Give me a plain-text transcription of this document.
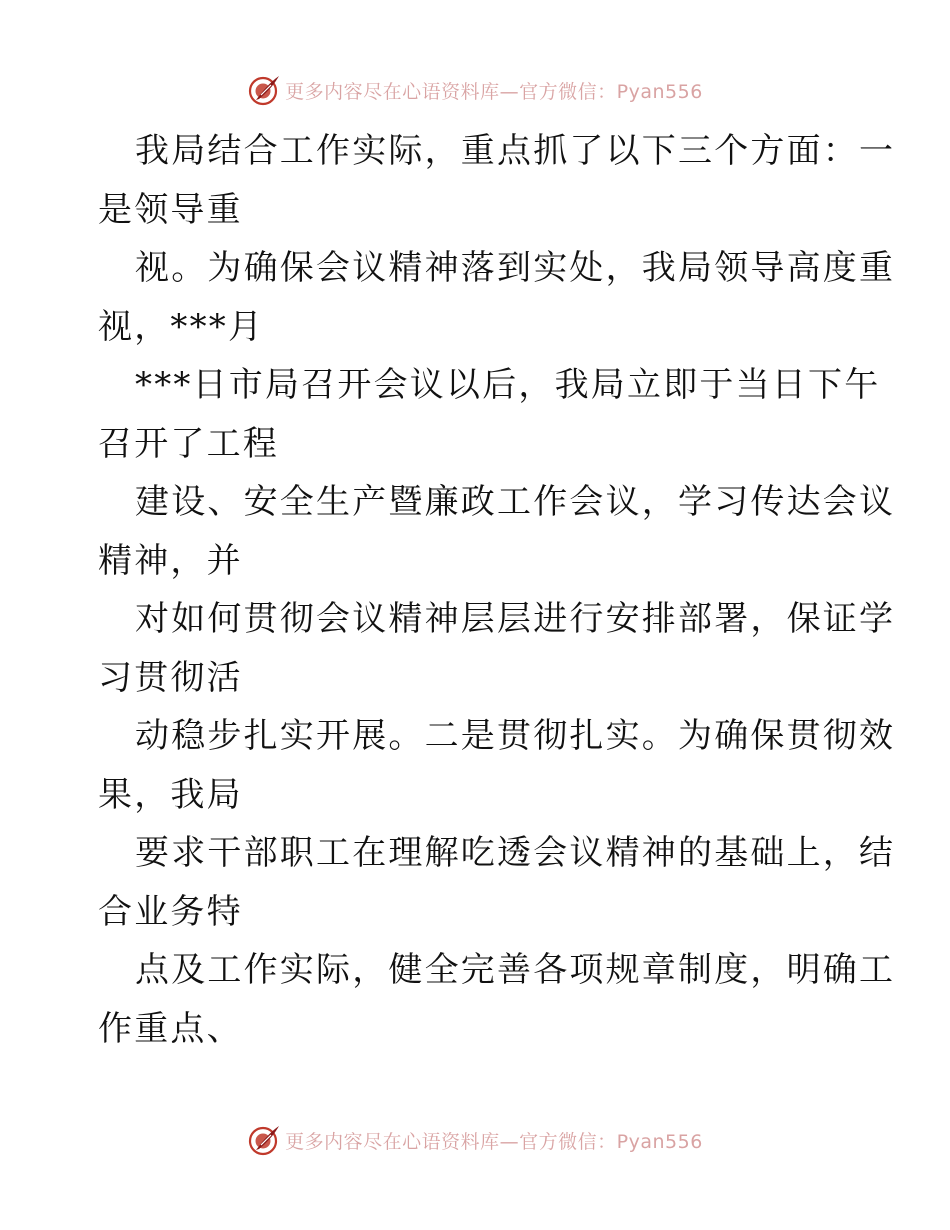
更多内容尽在心语资料库—官方微信：Pyan556
我局结合工作实际，重点抓了以下三个方面：一
是领导重
视。为确保会议精神落到实处，我局领导高度重
视，***月
***日市局召开会议以后，我局立即于当日下午
召开了工程
建设、安全生产暨廉政工作会议，学习传达会议
精神，并
对如何贯彻会议精神层层进行安排部署，保证学
习贯彻活
动稳步扎实开展。二是贯彻扎实。为确保贯彻效
果，我局
要求干部职工在理解吃透会议精神的基础上，结
合业务特
点及工作实际，健全完善各项规章制度，明确工
作重点、
更多内容尽在心语资料库—官方微信：Pyan556
